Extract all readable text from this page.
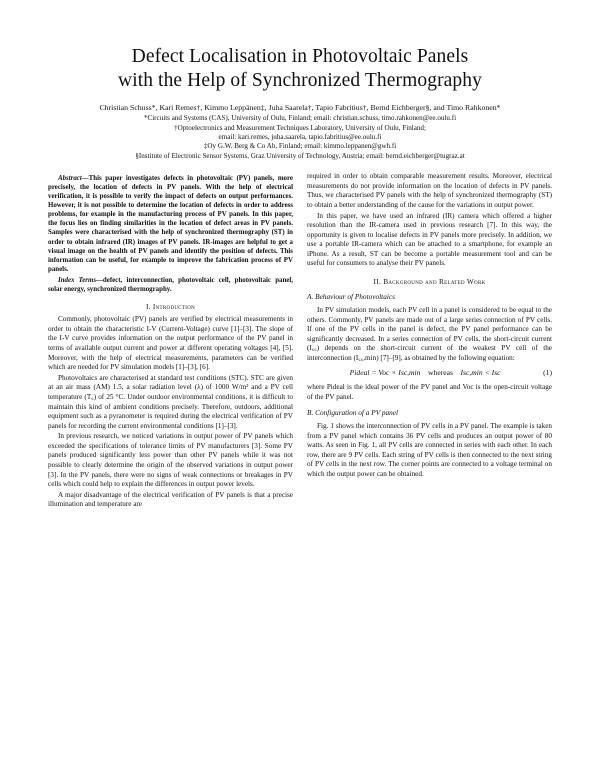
Defect Localisation in Photovoltaic Panels
with the Help of Synchronized Thermography
Christian Schuss*, Kari Remes†, Kimmo Leppänen‡, Juha Saarela†, Tapio Fabritius†, Bernd Eichberger§, and Timo Rahkonen*
*Circuits and Systems (CAS), University of Oulu, Finland; email: christian.schuss, timo.rahkonen@ee.oulu.fi
†Optoelectronics and Measurement Techniques Laboratory, University of Oulu, Finland;
email: kari.remes, juha.saarela, tapio.fabritius@ee.oulu.fi
‡Oy G.W. Berg & Co Ab, Finland; email: kimmo.leppanen@gwh.fi
§Institute of Electronic Sensor Systems, Graz University of Technology, Austria; email: bernd.eichberger@tugraz.at

Abstract—This paper investigates defects in photovoltaic (PV) panels, more precisely, the location of defects in PV panels. With the help of electrical verification, it is possible to verify the impact of defects on output performances. However, it is not possible to determine the location of defects in order to address problems, for example in the manufacturing process of PV panels. In this paper, the focus lies on finding similarities in the location of defect areas in PV panels. Samples were characterised with the help of synchronized thermography (ST) in order to obtain infrared (IR) images of PV panels. IR-images are helpful to get a visual image on the health of PV panels and identify the position of defects. This information can be useful, for example to improve the fabrication process of PV panels.

Index Terms—defect, interconnection, photovoltaic cell, photovoltaic panel, solar energy, synchronized thermography.

I. Introduction

Commonly, photovoltaic (PV) panels are verified by electrical measurements in order to obtain the characteristic I-V (Current-Voltage) curve [1]–[3]. The slope of the I-V curve provides information on the output performance of the PV panel in terms of available output current and power at different operating voltages [4], [5]. Moreover, with the help of electrical measurements, parameters can be verified which are needed for PV simulation models [1]–[3], [6].

Photovoltaics are characterised at standard test conditions (STC). STC are given at an air mass (AM) 1.5, a solar radiation level (λ) of 1000 W/m² and a PV cell temperature (T꜀) of 25 °C. Under outdoor environmental conditions, it is difficult to maintain this kind of ambient conditions precisely. Therefore, outdoors, additional equipment such as a pyranometer is required during the electrical verification of PV panels for recording the current environmental conditions [1]–[3].

In previous research, we noticed variations in output power of PV panels which exceeded the specifications of tolerance limits of PV manufacturers [3]. Some PV panels produced significantly less power than other PV panels while it was not possible to clearly determine the origin of the observed variations in output power [3]. In the PV panels, there were no signs of weak connections or breakages in PV cells which could help to explain the differences in output power levels.

A major disadvantage of the electrical verification of PV panels is that a precise illumination and temperature are

required in order to obtain comparable measurement results. Moreover, electrical measurements do not provide information on the location of defects in PV panels. Thus, we characterised PV panels with the help of synchronized thermography (ST) to obtain a better understanding of the cause for the variations in output power.

In this paper, we have used an infrared (IR) camera which offered a higher resolution than the IR-camera used in previous research [7]. In this way, the opportunity is given to localise defects in PV panels more precisely. In addition, we use a portable IR-camera which can be attached to a smartphone, for example an iPhone. As a result, ST can be become a portable measurement tool and can be useful for consumers to analyse their PV panels.

II. Background and Related Work
A. Behaviour of Photovoltaics

In PV simulation models, each PV cell in a panel is considered to be equal to the others. Commonly, PV panels are made out of a large series connection of PV cells. If one of the PV cells in the panel is defect, the PV panel performance can be significantly decreased. In a series connection of PV cells, the short-circuit current (I꜀꜀) depends on the short-circuit current of the weakest PV cell of the interconnection (I꜀꜀,min) [7]–[9], as obtained by the following equation:

Pideal = Voc × Isc,min whereas Isc,min < Isc	(1)

where Pideal is the ideal power of the PV panel and Voc is the open-circuit voltage of the PV panel.

B. Configuration of a PV panel

Fig. 1 shows the interconnection of PV cells in a PV panel. The example is taken from a PV panel which contains 36 PV cells and produces an output power of 80 watts. As seen in Fig. 1, all PV cells are connected in series with each other. In each row, there are 9 PV cells. Each string of PV cells is then connected to the next string of PV cells in the next row. The corner points are connected to a voltage terminal on which the output power can be obtained.
